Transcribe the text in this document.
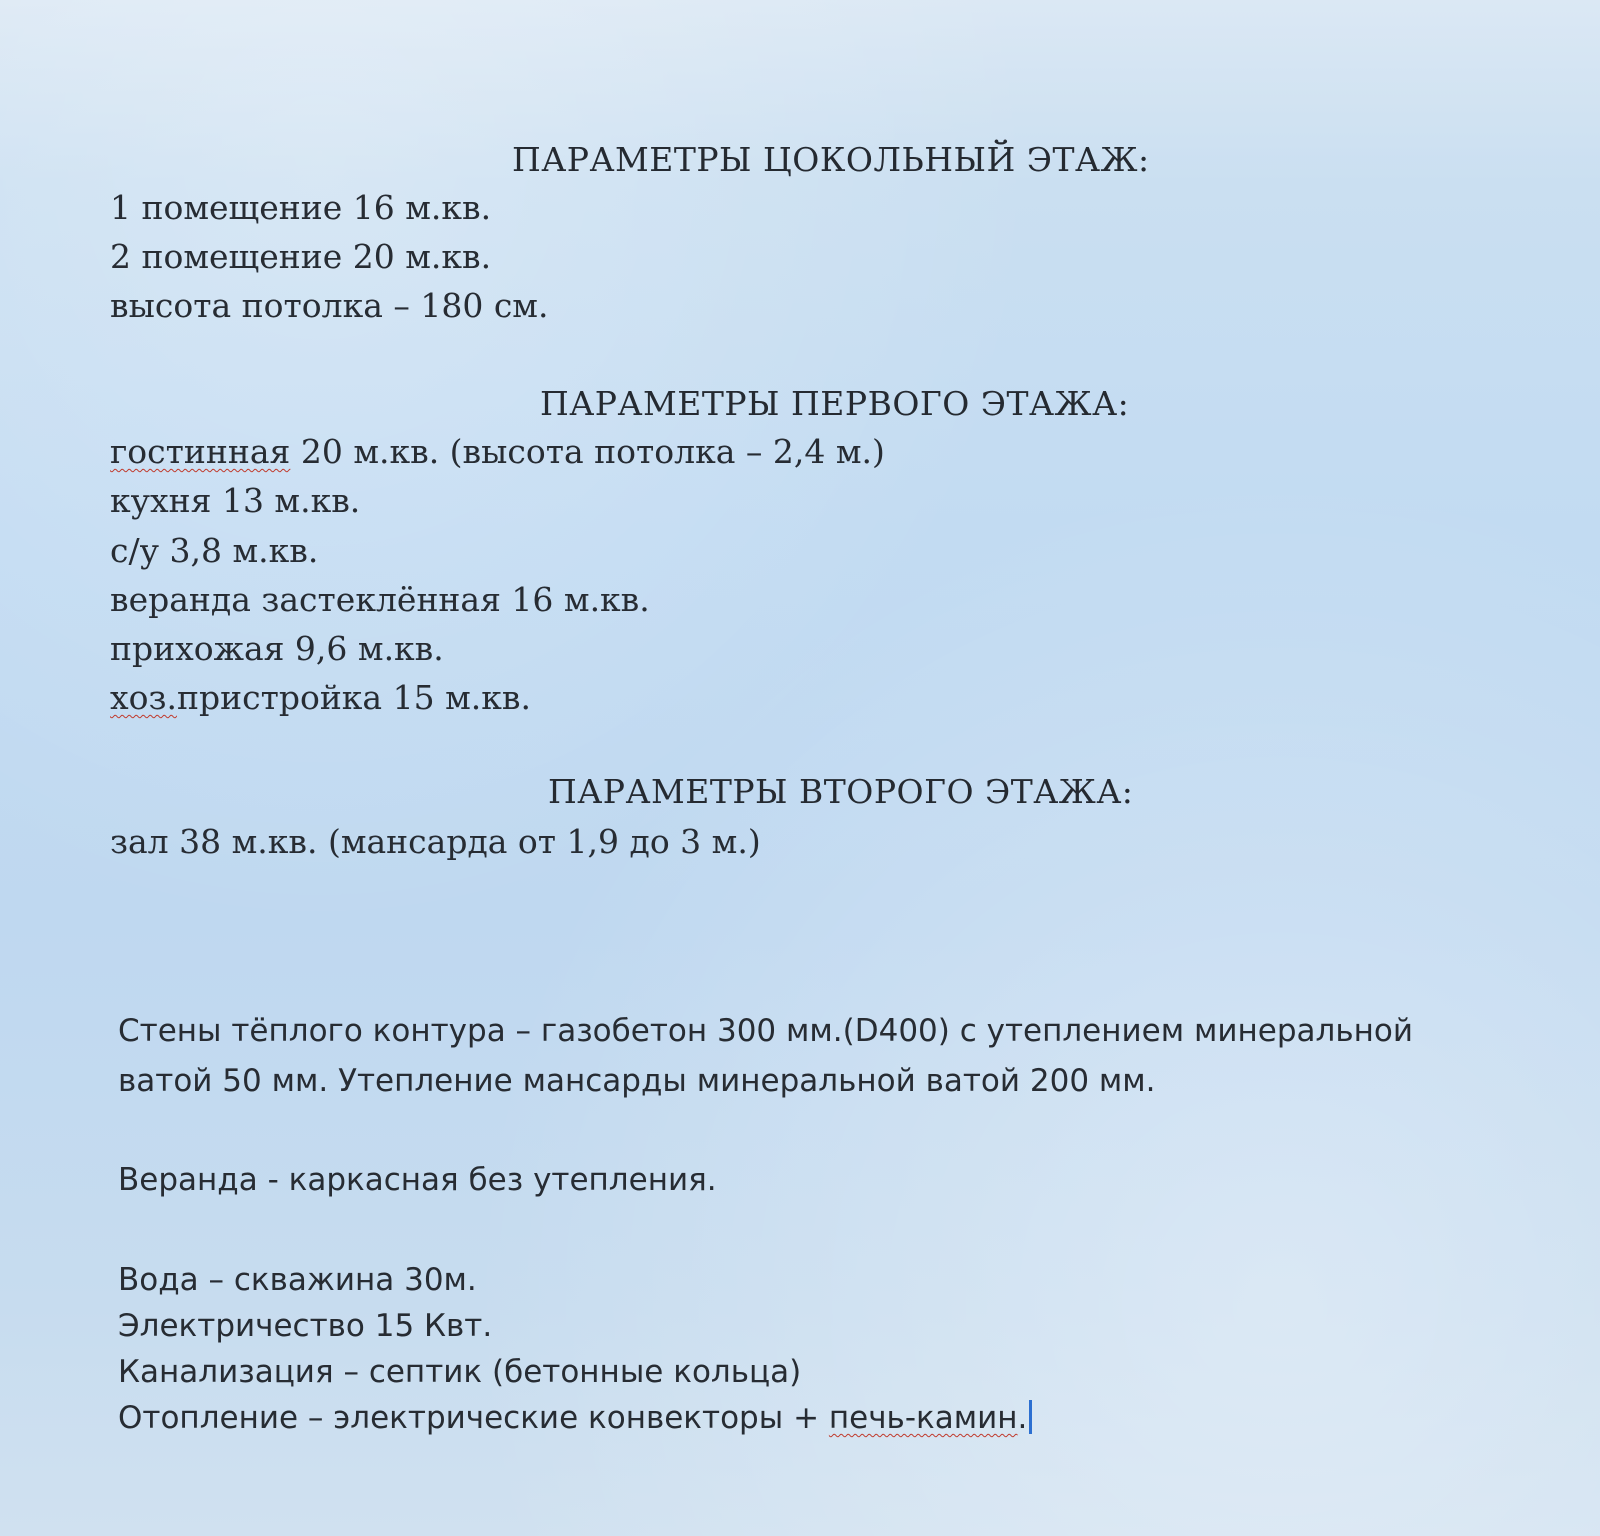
ПАРАМЕТРЫ ЦОКОЛЬНЫЙ ЭТАЖ:
1 помещение 16 м.кв.
2 помещение 20 м.кв.
высота потолка – 180 см.
ПАРАМЕТРЫ ПЕРВОГО ЭТАЖА:
гостинная 20 м.кв. (высота потолка – 2,4 м.)
кухня 13 м.кв.
с/у 3,8 м.кв.
веранда застеклённая 16 м.кв.
прихожая 9,6 м.кв.
хоз.пристройка 15 м.кв.
ПАРАМЕТРЫ ВТОРОГО ЭТАЖА:
зал 38 м.кв. (мансарда от 1,9 до 3 м.)
Стены тёплого контура – газобетон 300 мм.(D400) с утеплением минеральной
ватой 50 мм. Утепление мансарды минеральной ватой 200 мм.
Веранда - каркасная без утепления.
Вода – скважина 30м.
Электричество 15 Квт.
Канализация – септик (бетонные кольца)
Отопление – электрические конвекторы + печь-камин.
